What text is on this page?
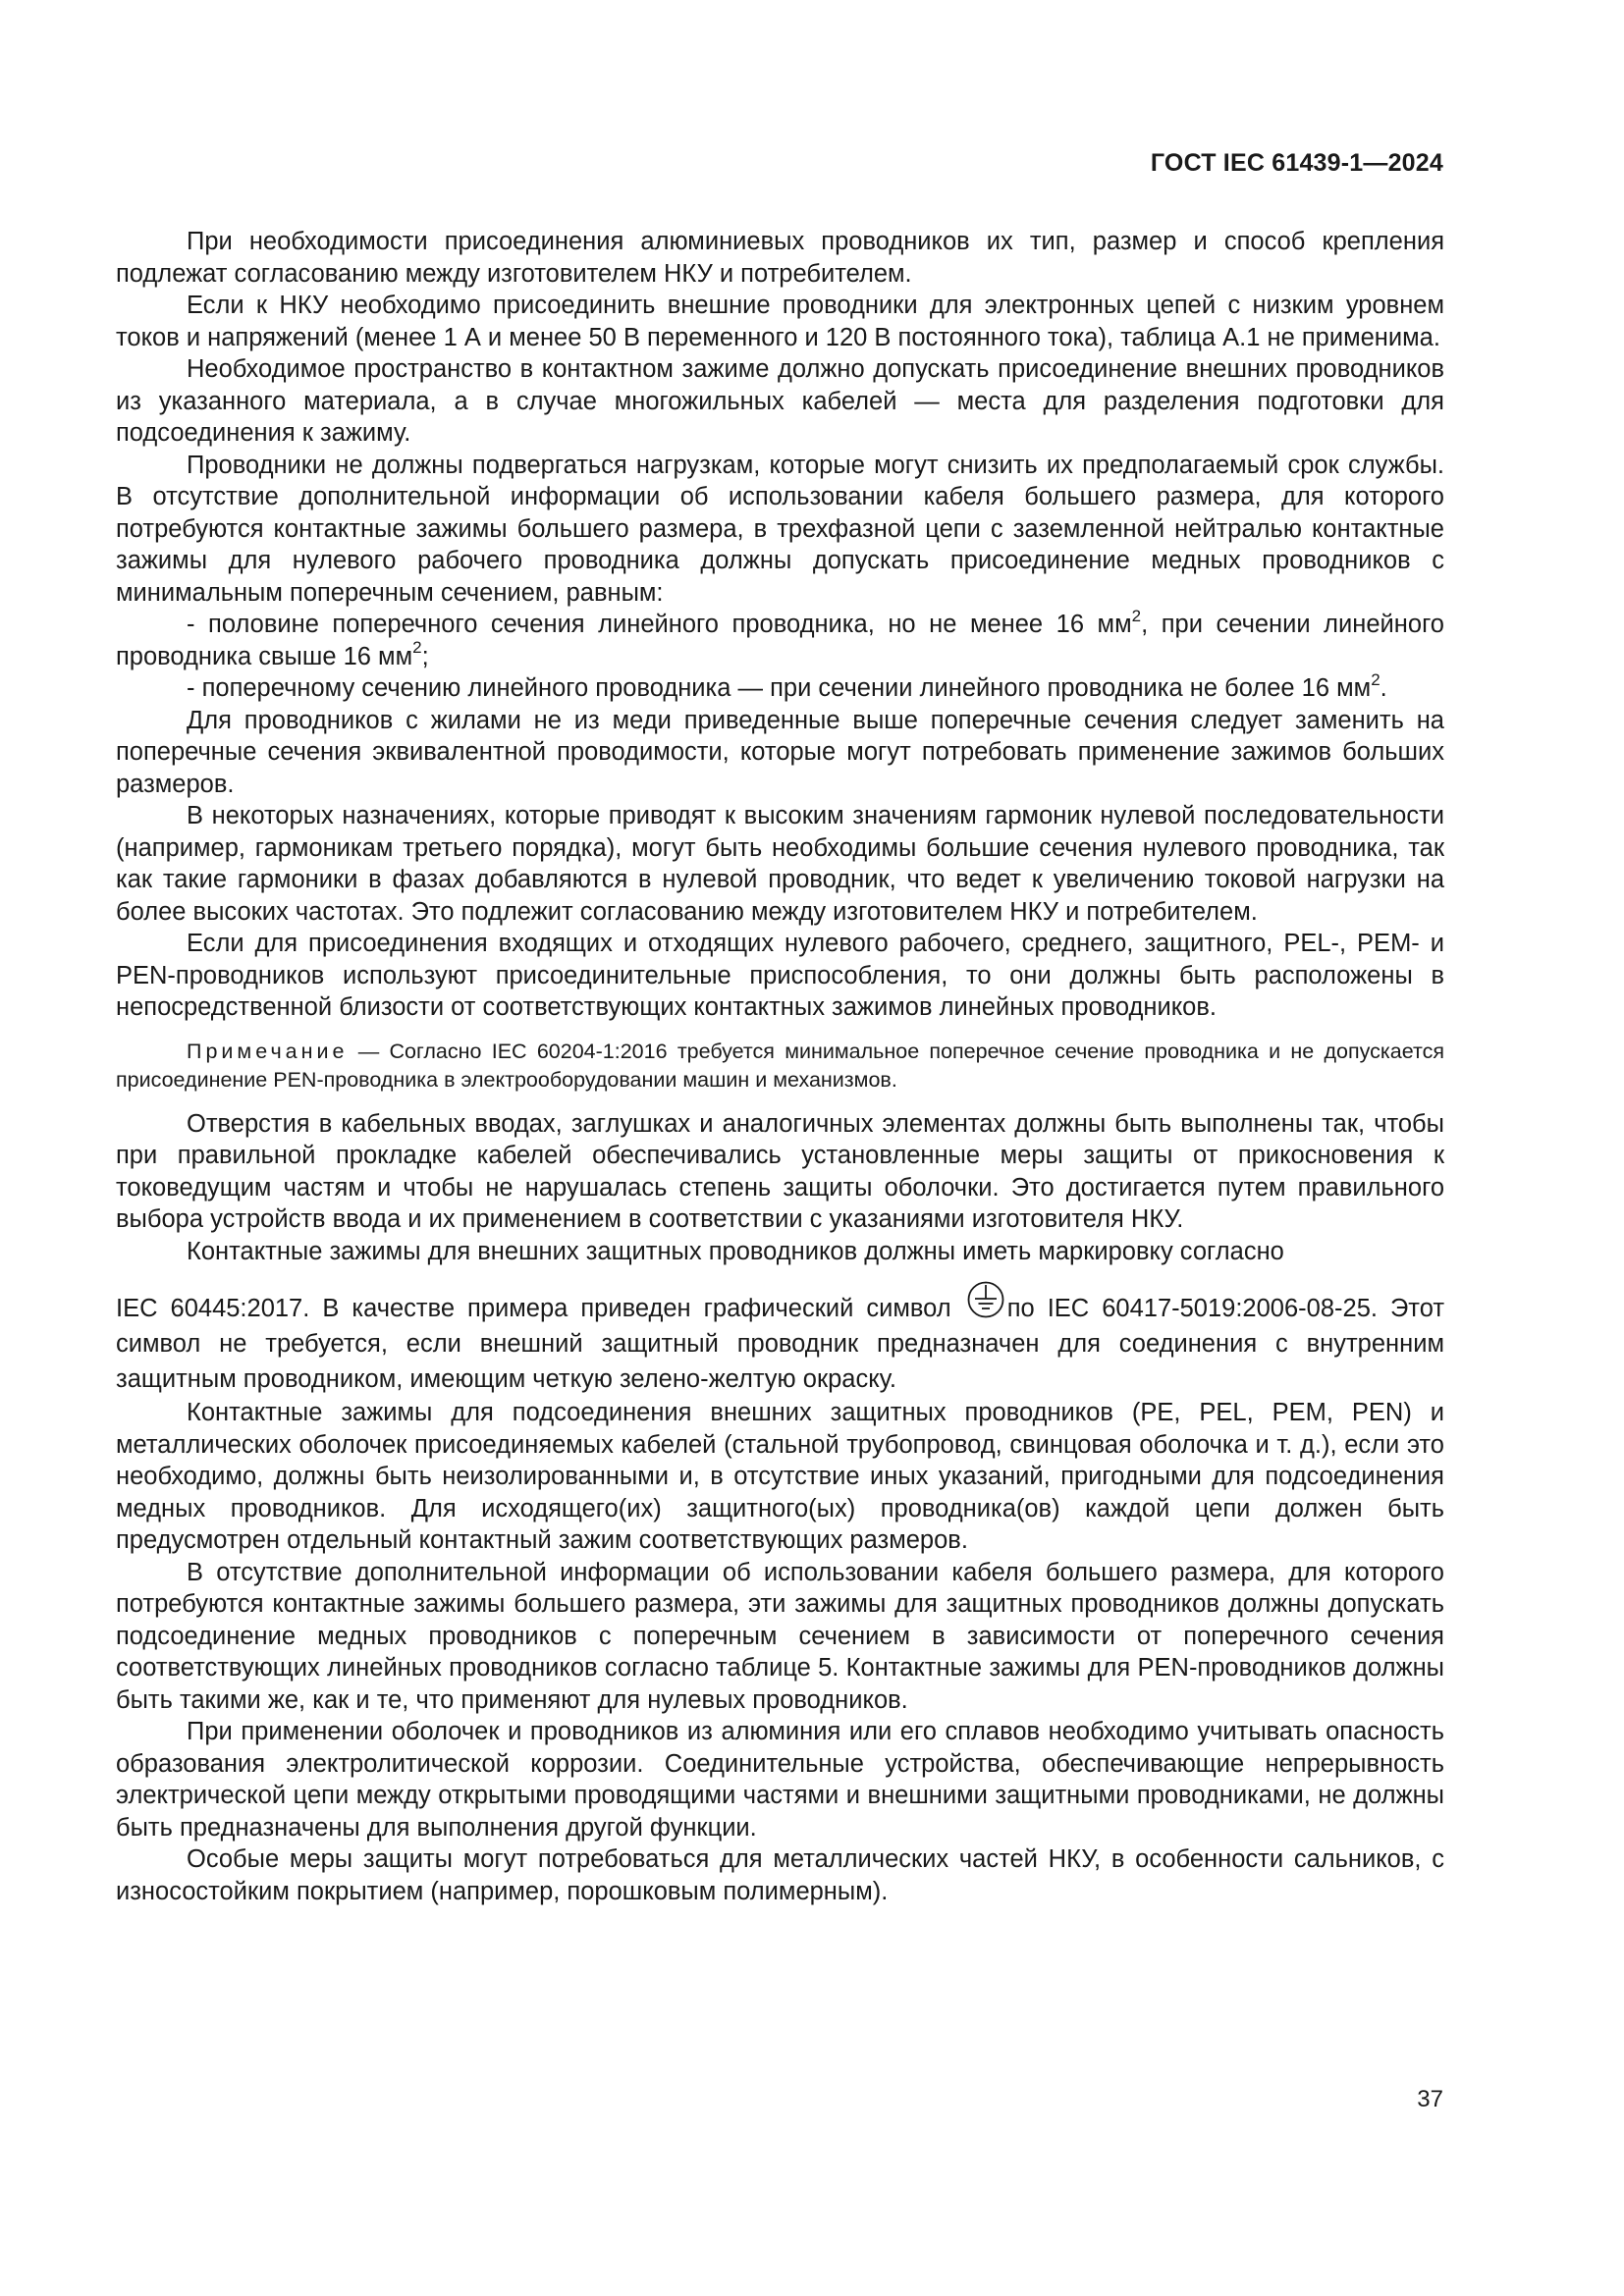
ГОСТ IEC 61439-1—2024

При необходимости присоединения алюминиевых проводников их тип, размер и способ крепления подлежат согласованию между изготовителем НКУ и потребителем.

Если к НКУ необходимо присоединить внешние проводники для электронных цепей с низким уровнем токов и напряжений (менее 1 А и менее 50 В переменного и 120 В постоянного тока), таблица А.1 не применима.

Необходимое пространство в контактном зажиме должно допускать присоединение внешних проводников из указанного материала, а в случае многожильных кабелей — места для разделения подготовки для подсоединения к зажиму.

Проводники не должны подвергаться нагрузкам, которые могут снизить их предполагаемый срок службы. В отсутствие дополнительной информации об использовании кабеля большего размера, для которого потребуются контактные зажимы большего размера, в трехфазной цепи с заземленной нейтралью контактные зажимы для нулевого рабочего проводника должны допускать присоединение медных проводников с минимальным поперечным сечением, равным:

- половине поперечного сечения линейного проводника, но не менее 16 $мм^2$, при сечении линейного проводника свыше 16 $мм^2$;

- поперечному сечению линейного проводника — при сечении линейного проводника не более 16 $мм^2$.

Для проводников с жилами не из меди приведенные выше поперечные сечения следует заменить на поперечные сечения эквивалентной проводимости, которые могут потребовать применение зажимов больших размеров.

В некоторых назначениях, которые приводят к высоким значениям гармоник нулевой последовательности (например, гармоникам третьего порядка), могут быть необходимы большие сечения нулевого проводника, так как такие гармоники в фазах добавляются в нулевой проводник, что ведет к увеличению токовой нагрузки на более высоких частотах. Это подлежит согласованию между изготовителем НКУ и потребителем.

Если для присоединения входящих и отходящих нулевого рабочего, среднего, защитного, PEL-, PEM- и PEN-проводников используют присоединительные приспособления, то они должны быть расположены в непосредственной близости от соответствующих контактных зажимов линейных проводников.

Примечание — Согласно IEC 60204-1:2016 требуется минимальное поперечное сечение проводника и не допускается присоединение PEN-проводника в электрооборудовании машин и механизмов.

Отверстия в кабельных вводах, заглушках и аналогичных элементах должны быть выполнены так, чтобы при правильной прокладке кабелей обеспечивались установленные меры защиты от прикосновения к токоведущим частям и чтобы не нарушалась степень защиты оболочки. Это достигается путем правильного выбора устройств ввода и их применением в соответствии с указаниями изготовителя НКУ.

Контактные зажимы для внешних защитных проводников должны иметь маркировку согласно

IEC 60445:2017. В качестве примера приведен графический символ по IEC 60417-5019:2006-08-25. Этот символ не требуется, если внешний защитный проводник предназначен для соединения с внутренним защитным проводником, имеющим четкую зелено-желтую окраску.

Контактные зажимы для подсоединения внешних защитных проводников (PE, PEL, PEM, PEN) и металлических оболочек присоединяемых кабелей (стальной трубопровод, свинцовая оболочка и т. д.), если это необходимо, должны быть неизолированными и, в отсутствие иных указаний, пригодными для подсоединения медных проводников. Для исходящего(их) защитного(ых) проводника(ов) каждой цепи должен быть предусмотрен отдельный контактный зажим соответствующих размеров.

В отсутствие дополнительной информации об использовании кабеля большего размера, для которого потребуются контактные зажимы большего размера, эти зажимы для защитных проводников должны допускать подсоединение медных проводников с поперечным сечением в зависимости от поперечного сечения соответствующих линейных проводников согласно таблице 5. Контактные зажимы для PEN-проводников должны быть такими же, как и те, что применяют для нулевых проводников.

При применении оболочек и проводников из алюминия или его сплавов необходимо учитывать опасность образования электролитической коррозии. Соединительные устройства, обеспечивающие непрерывность электрической цепи между открытыми проводящими частями и внешними защитными проводниками, не должны быть предназначены для выполнения другой функции.

Особые меры защиты могут потребоваться для металлических частей НКУ, в особенности сальников, с износостойким покрытием (например, порошковым полимерным).

37
